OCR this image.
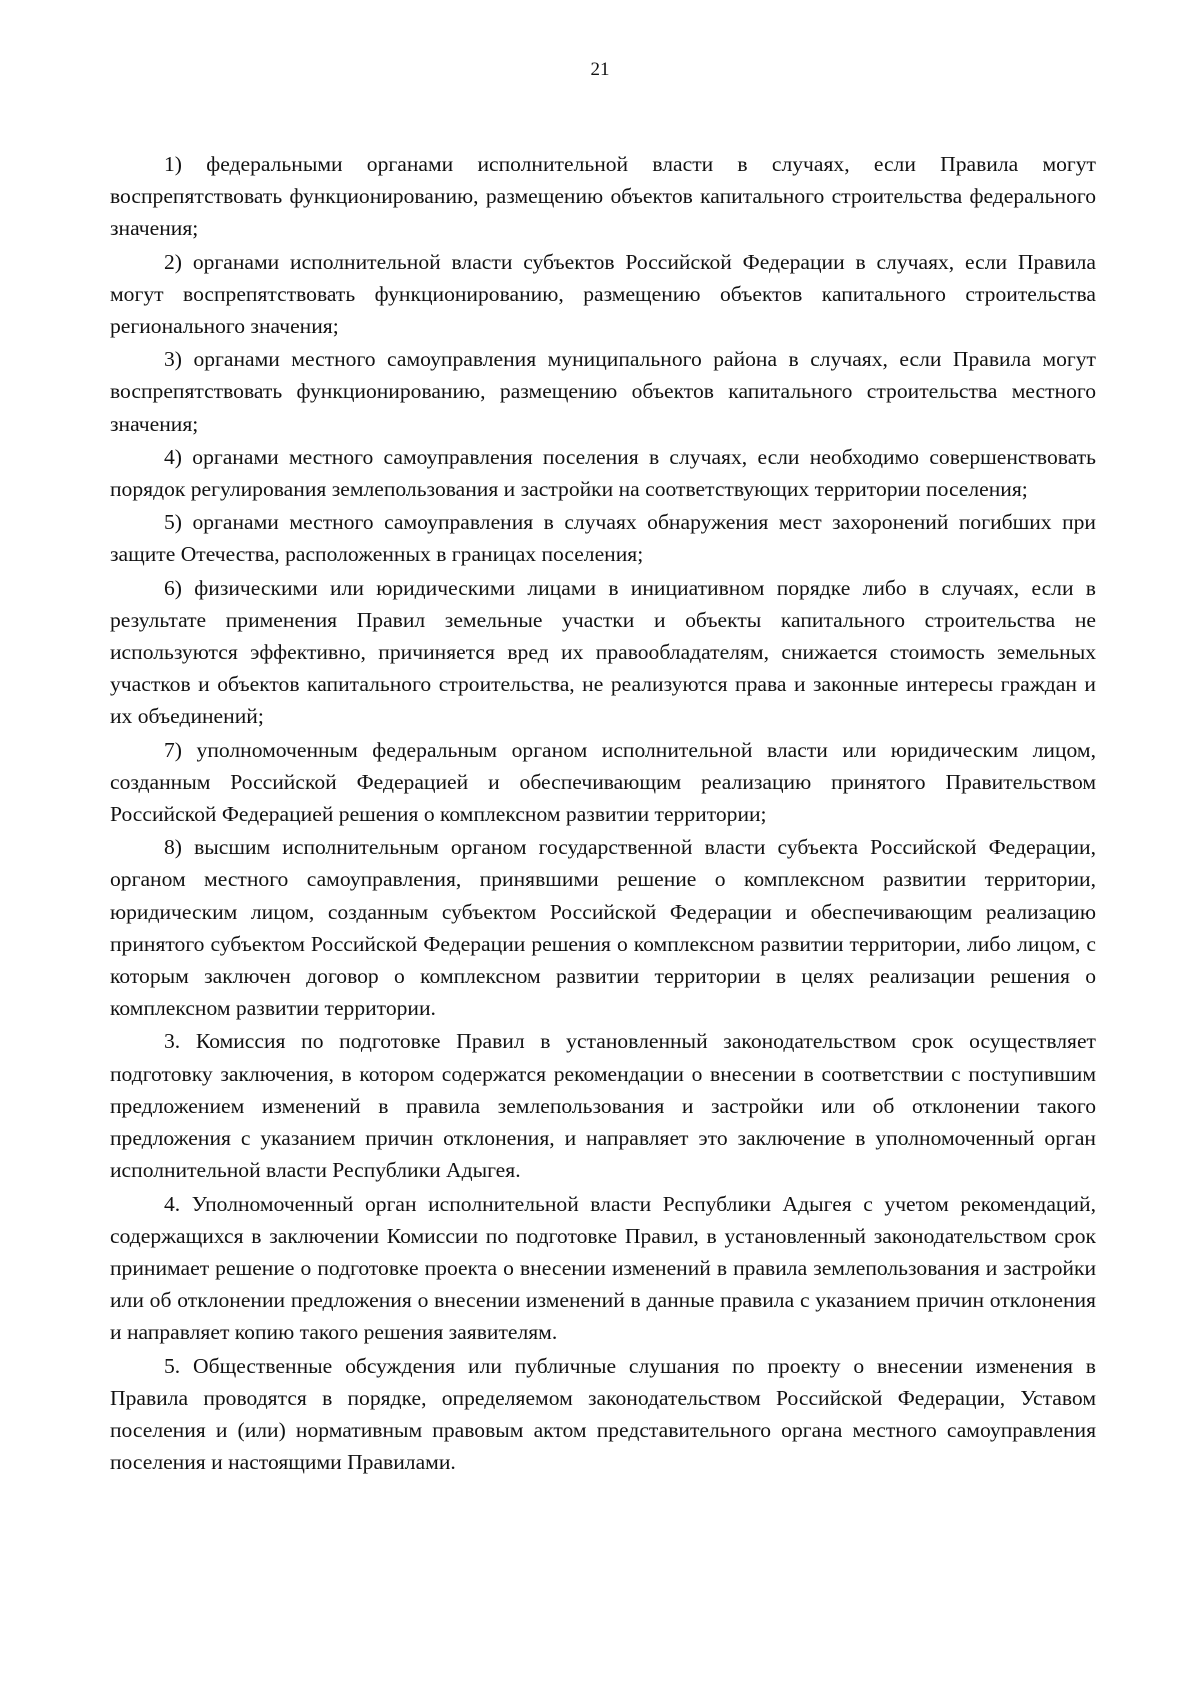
21

1) федеральными органами исполнительной власти в случаях, если Правила могут воспрепятствовать функционированию, размещению объектов капитального строительства федерального значения;

2) органами исполнительной власти субъектов Российской Федерации в случаях, если Правила могут воспрепятствовать функционированию, размещению объектов капитального строительства регионального значения;

3) органами местного самоуправления муниципального района в случаях, если Правила могут воспрепятствовать функционированию, размещению объектов капитального строительства местного значения;

4) органами местного самоуправления поселения в случаях, если необходимо совершенствовать порядок регулирования землепользования и застройки на соответствующих территории поселения;

5) органами местного самоуправления в случаях обнаружения мест захоронений погибших при защите Отечества, расположенных в границах поселения;

6) физическими или юридическими лицами в инициативном порядке либо в случаях, если в результате применения Правил земельные участки и объекты капитального строительства не используются эффективно, причиняется вред их правообладателям, снижается стоимость земельных участков и объектов капитального строительства, не реализуются права и законные интересы граждан и их объединений;

7) уполномоченным федеральным органом исполнительной власти или юридическим лицом, созданным Российской Федерацией и обеспечивающим реализацию принятого Правительством Российской Федерацией решения о комплексном развитии территории;

8) высшим исполнительным органом государственной власти субъекта Российской Федерации, органом местного самоуправления, принявшими решение о комплексном развитии территории, юридическим лицом, созданным субъектом Российской Федерации и обеспечивающим реализацию принятого субъектом Российской Федерации решения о комплексном развитии территории, либо лицом, с которым заключен договор о комплексном развитии территории в целях реализации решения о комплексном развитии территории.

3. Комиссия по подготовке Правил в установленный законодательством срок осуществляет подготовку заключения, в котором содержатся рекомендации о внесении в соответствии с поступившим предложением изменений в правила землепользования и застройки или об отклонении такого предложения с указанием причин отклонения, и направляет это заключение в уполномоченный орган исполнительной власти Республики Адыгея.

4. Уполномоченный орган исполнительной власти Республики Адыгея с учетом рекомендаций, содержащихся в заключении Комиссии по подготовке Правил, в установленный законодательством срок принимает решение о подготовке проекта о внесении изменений в правила землепользования и застройки или об отклонении предложения о внесении изменений в данные правила с указанием причин отклонения и направляет копию такого решения заявителям.

5. Общественные обсуждения или публичные слушания по проекту о внесении изменения в Правила проводятся в порядке, определяемом законодательством Российской Федерации, Уставом поселения и (или) нормативным правовым актом представительного органа местного самоуправления поселения и настоящими Правилами.
